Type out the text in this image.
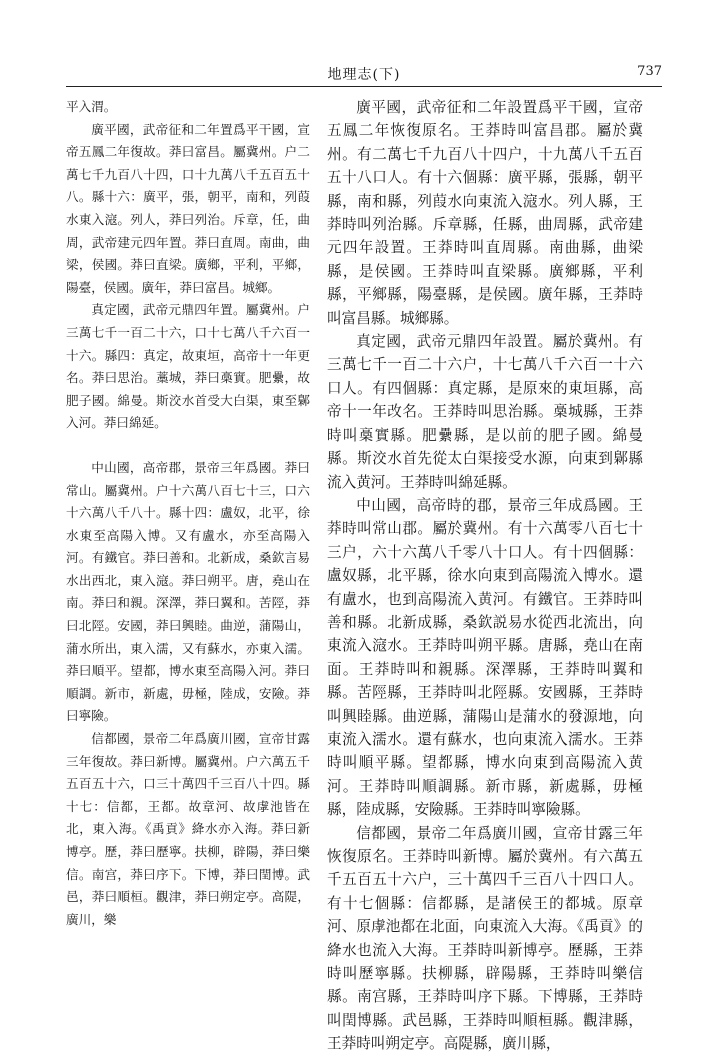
地理志(下)	737

平入渭。

廣平國，武帝征和二年置爲平干國，宣帝五鳳二年復故。莽曰富昌。屬冀州。户二萬七千九百八十四，口十九萬八千五百五十八。縣十六：廣平，張，朝平，南和，列葭水東入滱。列人，莽曰列治。斥章，任，曲周，武帝建元四年置。莽曰直周。南曲，曲梁，侯國。莽曰直梁。廣鄉，平利，平鄉，陽臺，侯國。廣年，莽曰富昌。城鄉。

真定國，武帝元鼎四年置。屬冀州。户三萬七千一百二十六，口十七萬八千六百一十六。縣四：真定，故東垣，高帝十一年更名。莽曰思治。藁城，莽曰槀實。肥纍，故肥子國。綿曼。斯洨水首受大白渠，東至鄡入河。莽曰綿延。

中山國，高帝郡，景帝三年爲國。莽曰常山。屬冀州。户十六萬八百七十三，口六十六萬八千八十。縣十四：盧奴，北平，徐水東至高陽入博。又有盧水，亦至高陽入河。有鐵官。莽曰善和。北新成，桑欽言易水出西北，東入滱。莽曰朔平。唐，堯山在南。莽曰和親。深澤，莽曰翼和。苦陘，莽曰北陘。安國，莽曰興睦。曲逆，蒲陽山，蒲水所出，東入濡，又有蘇水，亦東入濡。莽曰順平。望都，博水東至高陽入河。莽曰順調。新市，新處，毋極，陸成，安險。莽曰寧險。

信都國，景帝二年爲廣川國，宣帝甘露三年復故。莽曰新博。屬冀州。户六萬五千五百五十六，口三十萬四千三百八十四。縣十七：信都，王都。故章河、故虖池皆在北，東入海。《禹貢》絳水亦入海。莽曰新博亭。歷，莽曰歷寧。扶柳，辟陽，莽曰樂信。南宫，莽曰序下。下博，莽曰閏博。武邑，莽曰順桓。觀津，莽曰朔定亭。高隄，廣川，樂

廣平國，武帝征和二年設置爲平干國，宣帝五鳳二年恢復原名。王莽時叫富昌郡。屬於冀州。有二萬七千九百八十四户，十九萬八千五百五十八口人。有十六個縣：廣平縣，張縣，朝平縣，南和縣，列葭水向東流入滱水。列人縣，王莽時叫列治縣。斥章縣，任縣，曲周縣，武帝建元四年設置。王莽時叫直周縣。南曲縣，曲梁縣，是侯國。王莽時叫直梁縣。廣鄉縣，平利縣，平鄉縣，陽臺縣，是侯國。廣年縣，王莽時叫富昌縣。城鄉縣。

真定國，武帝元鼎四年設置。屬於冀州。有三萬七千一百二十六户，十七萬八千六百一十六口人。有四個縣：真定縣，是原來的東垣縣，高帝十一年改名。王莽時叫思治縣。槀城縣，王莽時叫槀實縣。肥纍縣，是以前的肥子國。綿曼縣。斯洨水首先從太白渠接受水源，向東到鄡縣流入黄河。王莽時叫綿延縣。

中山國，高帝時的郡，景帝三年成爲國。王莽時叫常山郡。屬於冀州。有十六萬零八百七十三户，六十六萬八千零八十口人。有十四個縣：盧奴縣，北平縣，徐水向東到高陽流入博水。還有盧水，也到高陽流入黄河。有鐵官。王莽時叫善和縣。北新成縣，桑欽説易水從西北流出，向東流入滱水。王莽時叫朔平縣。唐縣，堯山在南面。王莽時叫和親縣。深澤縣，王莽時叫翼和縣。苦陘縣，王莽時叫北陘縣。安國縣，王莽時叫興睦縣。曲逆縣，蒲陽山是蒲水的發源地，向東流入濡水。還有蘇水，也向東流入濡水。王莽時叫順平縣。望都縣，博水向東到高陽流入黄河。王莽時叫順調縣。新市縣，新處縣，毋極縣，陸成縣，安險縣。王莽時叫寧險縣。

信都國，景帝二年爲廣川國，宣帝甘露三年恢復原名。王莽時叫新博。屬於冀州。有六萬五千五百五十六户，三十萬四千三百八十四口人。有十七個縣：信都縣，是諸侯王的都城。原章河、原虖池都在北面，向東流入大海。《禹貢》的絳水也流入大海。王莽時叫新博亭。歷縣，王莽時叫歷寧縣。扶柳縣，辟陽縣，王莽時叫樂信縣。南宫縣，王莽時叫序下縣。下博縣，王莽時叫閏博縣。武邑縣，王莽時叫順桓縣。觀津縣，王莽時叫朔定亭。高隄縣，廣川縣，
